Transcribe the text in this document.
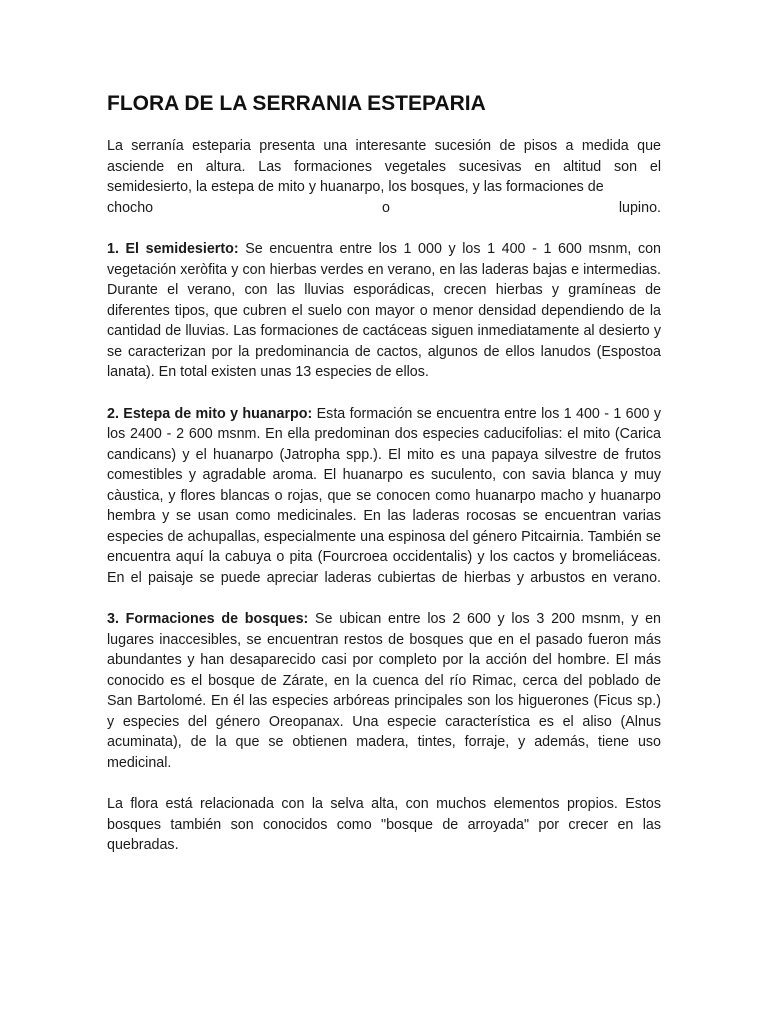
FLORA DE LA SERRANIA ESTEPARIA

La serranía esteparia presenta una interesante sucesión de pisos a medida que asciende en altura. Las formaciones vegetales sucesivas en altitud son el semidesierto, la estepa de mito y huanarpo, los bosques, y las formaciones de
chocho o lupino.

1. El semidesierto: Se encuentra entre los 1 000 y los 1 400 - 1 600 msnm, con vegetación xeròfita y con hierbas verdes en verano, en las laderas bajas e intermedias. Durante el verano, con las lluvias esporádicas, crecen hierbas y gramíneas de diferentes tipos, que cubren el suelo con mayor o menor densidad dependiendo de la cantidad de lluvias. Las formaciones de cactáceas siguen inmediatamente al desierto y se caracterizan por la predominancia de cactos, algunos de ellos lanudos (Espostoa lanata). En total existen unas 13 especies de ellos.

2. Estepa de mito y huanarpo: Esta formación se encuentra entre los 1 400 - 1 600 y los 2400 - 2 600 msnm. En ella predominan dos especies caducifolias: el mito (Carica candicans) y el huanarpo (Jatropha spp.). El mito es una papaya silvestre de frutos comestibles y agradable aroma. El huanarpo es suculento, con savia blanca y muy càustica, y flores blancas o rojas, que se conocen como huanarpo macho y huanarpo hembra y se usan como medicinales. En las laderas rocosas se encuentran varias especies de achupallas, especialmente una espinosa del género Pitcairnia. También se encuentra aquí la cabuya o pita (Fourcroea occidentalis) y los cactos y bromeliáceas. En el paisaje se puede apreciar laderas cubiertas de hierbas y arbustos en verano.

3. Formaciones de bosques: Se ubican entre los 2 600 y los 3 200 msnm, y en lugares inaccesibles, se encuentran restos de bosques que en el pasado fueron más abundantes y han desaparecido casi por completo por la acción del hombre. El más conocido es el bosque de Zárate, en la cuenca del río Rimac, cerca del poblado de San Bartolomé. En él las especies arbóreas principales son los higuerones (Ficus sp.) y especies del género Oreopanax. Una especie característica es el aliso (Alnus acuminata), de la que se obtienen madera, tintes, forraje, y además, tiene uso medicinal.

La flora está relacionada con la selva alta, con muchos elementos propios. Estos bosques también son conocidos como "bosque de arroyada" por crecer en las quebradas.
